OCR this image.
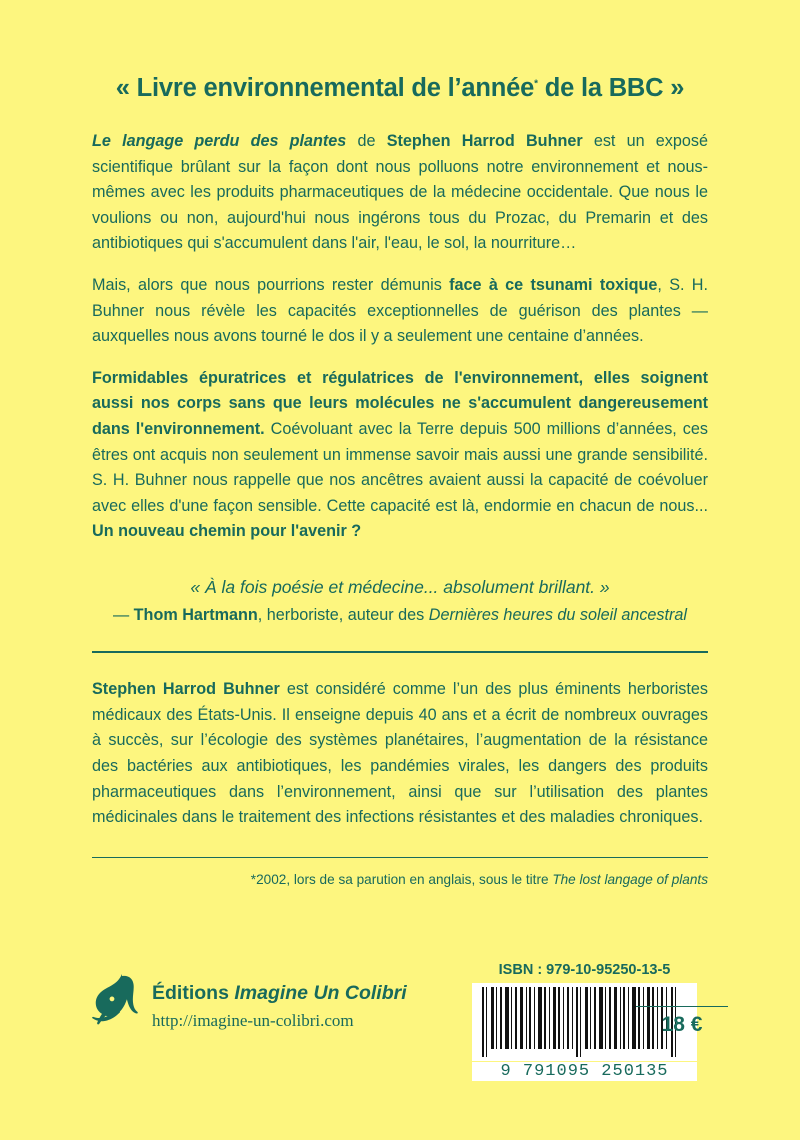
« Livre environnemental de l’année* de la BBC »

Le langage perdu des plantes de Stephen Harrod Buhner est un exposé scientifique brûlant sur la façon dont nous polluons notre environnement et nous-mêmes avec les produits pharmaceutiques de la médecine occidentale. Que nous le voulions ou non, aujourd'hui nous ingérons tous du Prozac, du Premarin et des antibiotiques qui s'accumulent dans l'air, l'eau, le sol, la nourriture…

Mais, alors que nous pourrions rester démunis face à ce tsunami toxique, S. H. Buhner nous révèle les capacités exceptionnelles de guérison des plantes — auxquelles nous avons tourné le dos il y a seulement une centaine d’années.

Formidables épuratrices et régulatrices de l'environnement, elles soignent aussi nos corps sans que leurs molécules ne s'accumulent dangereusement dans l'environnement. Coévoluant avec la Terre depuis 500 millions d’années, ces êtres ont acquis non seulement un immense savoir mais aussi une grande sensibilité. S. H. Buhner nous rappelle que nos ancêtres avaient aussi la capacité de coévoluer avec elles d'une façon sensible. Cette capacité est là, endormie en chacun de nous... Un nouveau chemin pour l'avenir ?

« À la fois poésie et médecine... absolument brillant. »

— Thom Hartmann, herboriste, auteur des Dernières heures du soleil ancestral

Stephen Harrod Buhner est considéré comme l’un des plus éminents herboristes médicaux des États-Unis. Il enseigne depuis 40 ans et a écrit de nombreux ouvrages à succès, sur l’écologie des systèmes planétaires, l’augmentation de la résistance des bactéries aux antibiotiques, les pandémies virales, les dangers des produits pharmaceutiques dans l’environnement, ainsi que sur l’utilisation des plantes médicinales dans le traitement des infections résistantes et des maladies chroniques.

*2002, lors de sa parution en anglais, sous le titre The lost langage of plants

Éditions Imagine Un Colibri
http://imagine-un-colibri.com
ISBN : 979-10-95250-13-5
9 791095 250135
18 €
